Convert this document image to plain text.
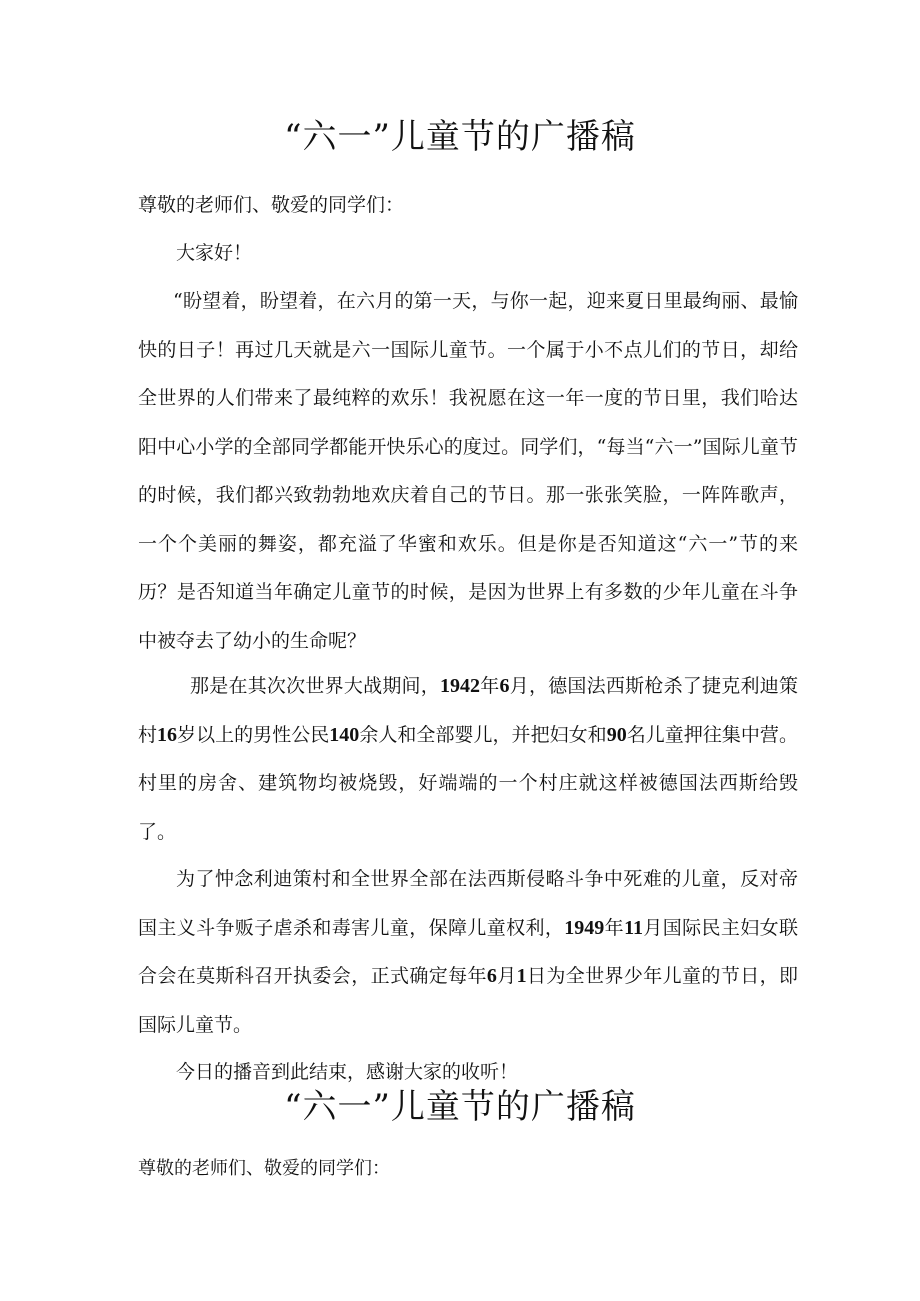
“六一”儿童节的广播稿

尊敬的老师们、敬爱的同学们：

大家好！

“盼望着，盼望着，在六月的第一天，与你一起，迎来夏日里最绚丽、最愉快的日子！再过几天就是六一国际儿童节。一个属于小不点儿们的节日，却给全世界的人们带来了最纯粹的欢乐！我祝愿在这一年一度的节日里，我们哈达阳中心小学的全部同学都能开快乐心的度过。同学们，“每当“六一”国际儿童节的时候，我们都兴致勃勃地欢庆着自己的节日。那一张张笑脸，一阵阵歌声，一个个美丽的舞姿，都充溢了华蜜和欢乐。但是你是否知道这“六一”节的来历？是否知道当年确定儿童节的时候，是因为世界上有多数的少年儿童在斗争中被夺去了幼小的生命呢？

那是在其次次世界大战期间，1942年6月，德国法西斯枪杀了捷克利迪策村16岁以上的男性公民140余人和全部婴儿，并把妇女和90名儿童押往集中营。村里的房舍、建筑物均被烧毁，好端端的一个村庄就这样被德国法西斯给毁了。

为了忡念利迪策村和全世界全部在法西斯侵略斗争中死难的儿童，反对帝国主义斗争贩子虐杀和毒害儿童，保障儿童权利，1949年11月国际民主妇女联合会在莫斯科召开执委会，正式确定每年6月1日为全世界少年儿童的节日，即国际儿童节。

今日的播音到此结束，感谢大家的收听！

“六一”儿童节的广播稿

尊敬的老师们、敬爱的同学们：
